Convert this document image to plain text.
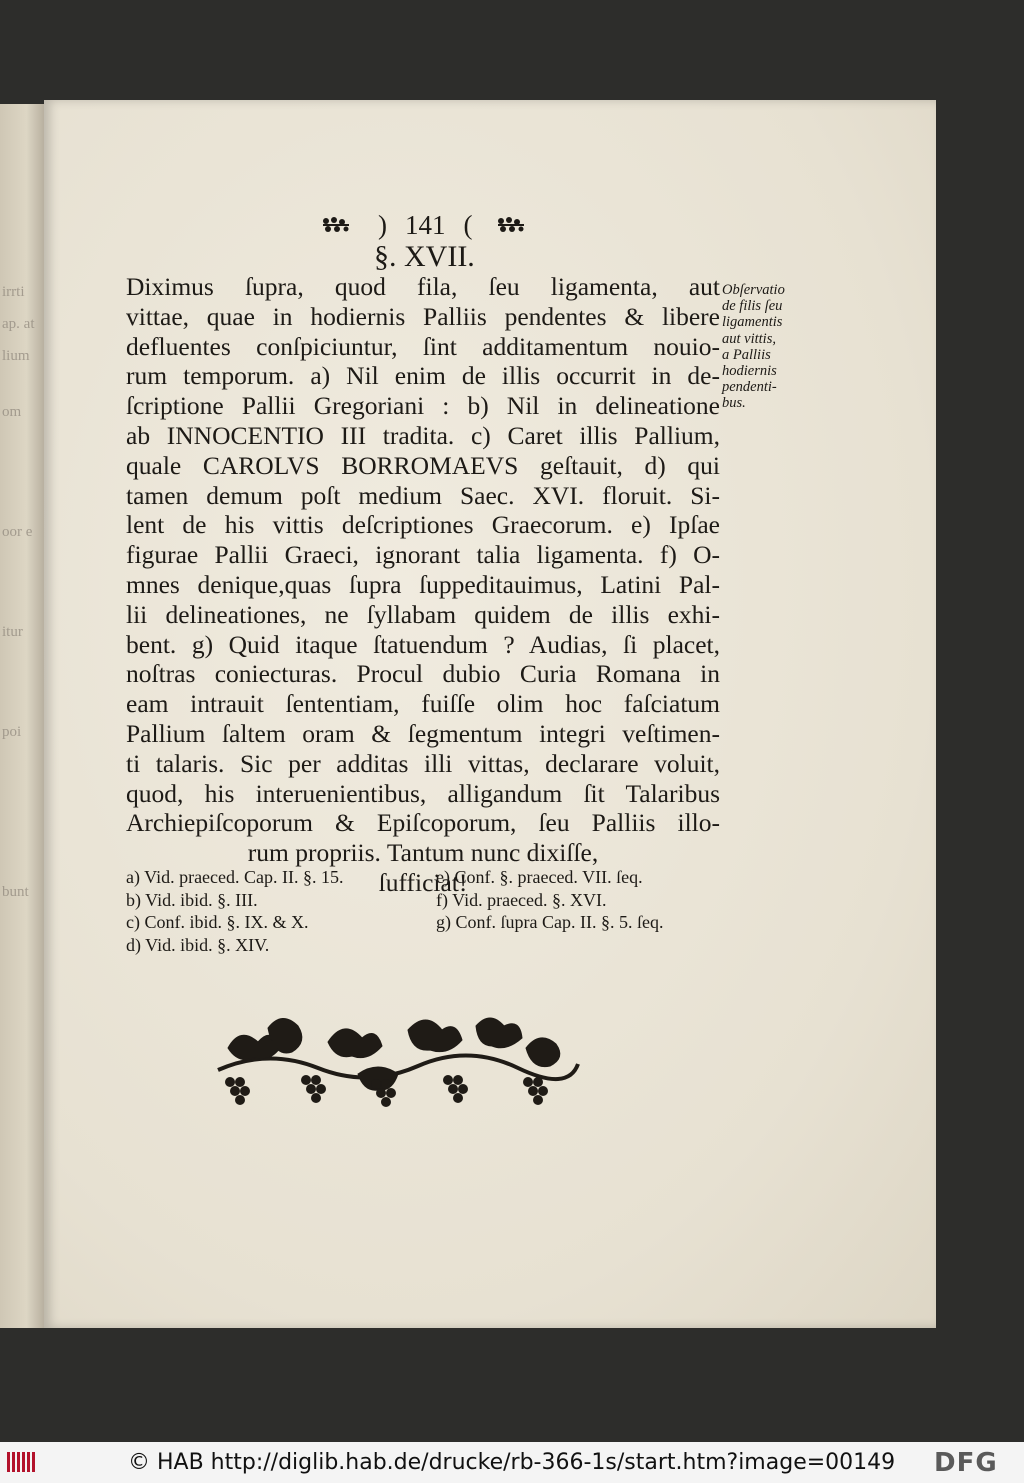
irrti
ap. at
lium
om
oor e
itur
poi
bunt
) 141 (
§. XVII.
Diximus ſupra, quod fila, ſeu ligamenta, aut
vittae, quae in hodiernis Palliis pendentes & libere
defluentes conſpiciuntur, ſint additamentum nouio-
rum temporum. a) Nil enim de illis occurrit in de-
ſcriptione Pallii Gregoriani : b) Nil in delineatione
ab INNOCENTIO III tradita. c) Caret illis Pallium,
quale CAROLVS BORROMAEVS geſtauit, d) qui
tamen demum poſt medium Saec. XVI. floruit. Si-
lent de his vittis deſcriptiones Graecorum. e) Ipſae
figurae Pallii Graeci, ignorant talia ligamenta. f) O-
mnes denique,quas ſupra ſuppeditauimus, Latini Pal-
lii delineationes, ne ſyllabam quidem de illis exhi-
bent. g) Quid itaque ſtatuendum ? Audias, ſi placet,
noſtras coniecturas. Procul dubio Curia Romana in
eam intrauit ſententiam, fuiſſe olim hoc faſciatum
Pallium ſaltem oram & ſegmentum integri veſtimen-
ti talaris. Sic per additas illi vittas, declarare voluit,
quod, his interuenientibus, alligandum ſit Talaribus
Archiepiſcoporum & Epiſcoporum, ſeu Palliis illo-
rum propriis. Tantum nunc dixiſſe,
ſufficiat!
Obſervatio
de filis ſeu
ligamentis
aut vittis,
a Palliis
hodiernis
pendenti-
bus.
a) Vid. praeced. Cap. II. §. 15.
b) Vid. ibid. §. III.
c) Conf. ibid. §. IX. & X.
d) Vid. ibid. §. XIV.
e) Conf. §. praeced. VII. ſeq.
f) Vid. praeced. §. XVI.
g) Conf. ſupra Cap. II. §. 5. ſeq.
© HAB http://diglib.hab.de/drucke/rb-366-1s/start.htm?image=00149 DFG
